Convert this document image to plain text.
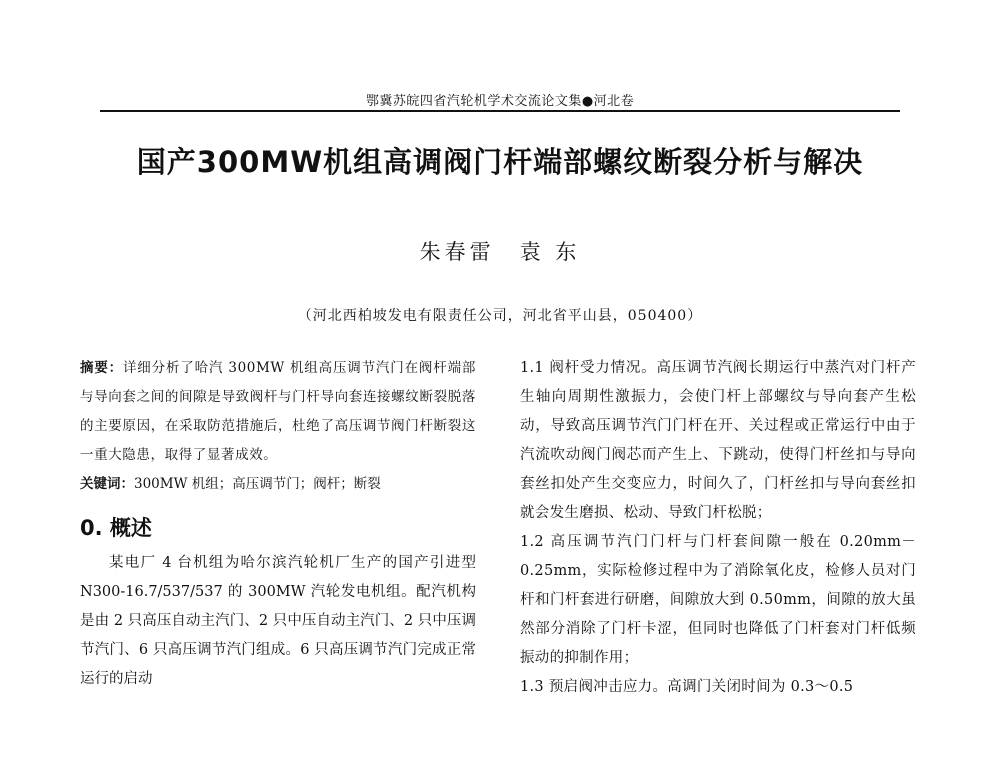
鄂冀苏皖四省汽轮机学术交流论文集●河北卷
国产300MW机组高调阀门杆端部螺纹断裂分析与解决
朱春雷　袁 东
（河北西柏坡发电有限责任公司，河北省平山县，050400）

摘要：详细分析了哈汽 300MW 机组高压调节汽门在阀杆端部与导向套之间的间隙是导致阀杆与门杆导向套连接螺纹断裂脱落的主要原因，在采取防范措施后，杜绝了高压调节阀门杆断裂这一重大隐患，取得了显著成效。

关键词：300MW 机组；高压调节门；阀杆；断裂

0. 概述

某电厂 4 台机组为哈尔滨汽轮机厂生产的国产引进型 N300-16.7/537/537 的 300MW 汽轮发电机组。配汽机构是由 2 只高压自动主汽门、2 只中压自动主汽门、2 只中压调节汽门、6 只高压调节汽门组成。6 只高压调节汽门完成正常运行的启动

1.1 阀杆受力情况。高压调节汽阀长期运行中蒸汽对门杆产生轴向周期性激振力，会使门杆上部螺纹与导向套产生松动，导致高压调节汽门门杆在开、关过程或正常运行中由于汽流吹动阀门阀芯而产生上、下跳动，使得门杆丝扣与导向套丝扣处产生交变应力，时间久了，门杆丝扣与导向套丝扣就会发生磨损、松动、导致门杆松脱；

1.2 高压调节汽门门杆与门杆套间隙一般在 0.20mm－0.25mm，实际检修过程中为了消除氧化皮，检修人员对门杆和门杆套进行研磨，间隙放大到 0.50mm，间隙的放大虽然部分消除了门杆卡涩，但同时也降低了门杆套对门杆低频振动的抑制作用；

1.3 预启阀冲击应力。高调门关闭时间为 0.3～0.5
